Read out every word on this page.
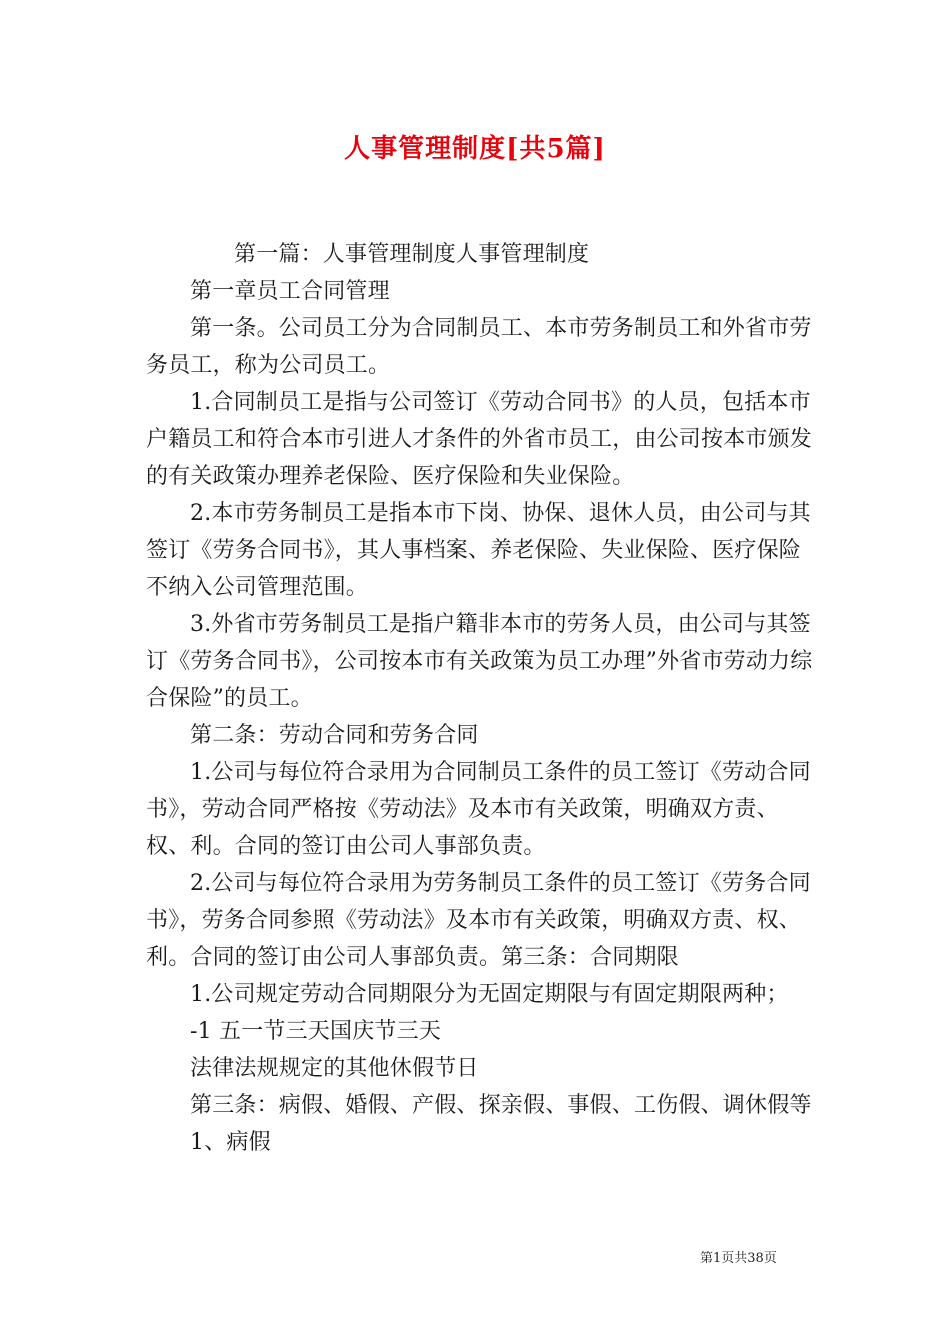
人事管理制度[共5篇]

第一篇：人事管理制度人事管理制度

第一章员工合同管理

第一条。公司员工分为合同制员工、本市劳务制员工和外省市劳务员工，称为公司员工。

1.合同制员工是指与公司签订《劳动合同书》的人员，包括本市户籍员工和符合本市引进人才条件的外省市员工，由公司按本市颁发的有关政策办理养老保险、医疗保险和失业保险。

2.本市劳务制员工是指本市下岗、协保、退休人员，由公司与其签订《劳务合同书》，其人事档案、养老保险、失业保险、医疗保险不纳入公司管理范围。

3.外省市劳务制员工是指户籍非本市的劳务人员，由公司与其签订《劳务合同书》，公司按本市有关政策为员工办理”外省市劳动力综合保险”的员工。

第二条：劳动合同和劳务合同

1.公司与每位符合录用为合同制员工条件的员工签订《劳动合同书》，劳动合同严格按《劳动法》及本市有关政策，明确双方责、权、利。合同的签订由公司人事部负责。

2.公司与每位符合录用为劳务制员工条件的员工签订《劳务合同书》，劳务合同参照《劳动法》及本市有关政策，明确双方责、权、利。合同的签订由公司人事部负责。第三条：合同期限

1.公司规定劳动合同期限分为无固定期限与有固定期限两种；

-1 五一节三天国庆节三天

法律法规规定的其他休假节日

第三条：病假、婚假、产假、探亲假、事假、工伤假、调休假等

1、病假

第1页共38页
